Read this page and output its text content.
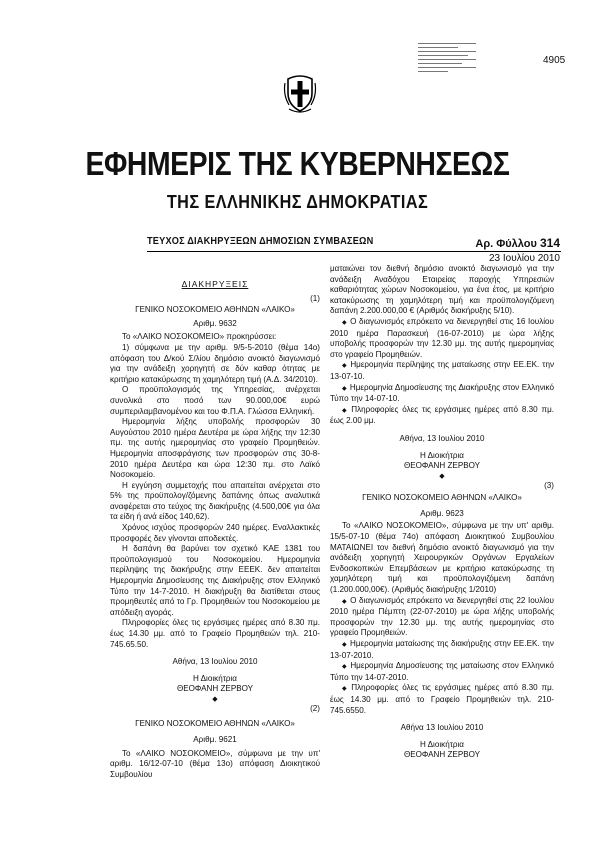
4905
ΕΦΗΜΕΡΙΣ ΤΗΣ ΚΥΒΕΡΝΗΣΕΩΣ
ΤΗΣ ΕΛΛΗΝΙΚΗΣ ΔΗΜΟΚΡΑΤΙΑΣ
ΤΕΥΧΟΣ ΔΙΑΚΗΡΥΞΕΩΝ ΔΗΜΟΣΙΩΝ ΣΥΜΒΑΣΕΩΝ	Αρ. Φύλλου 314
23 Ιουλίου 2010
ΔΙΑΚΗΡΥΞΕΙΣ
(1)
ΓΕΝΙΚΟ ΝΟΣΟΚΟΜΕΙΟ ΑΘΗΝΩΝ «ΛΑΙΚΟ»
Αριθμ. 9632

Το «ΛΑΙΚΟ ΝΟΣΟΚΟΜΕΙΟ» προκηρύσσει:

1) σύμφωνα με την αριθμ. 9/5-5-2010 (θέμα 14ο) απόφαση του Δ/κού Σ/λίου δημόσιο ανοικτό διαγωνισμό για την ανάδειξη χορηγητή σε δύν καθαρ ότητας με κριτήριο κατακύρωσης τη χαμηλότερη τιμή (Α.Δ. 34/2010).

Ο προϋπολογισμός της Υπηρεσίας, ανέρχεται συνολικά στο ποσό των 90.000,00€ ευρώ συμπεριλαμβανομένου και του Φ.Π.Α. Γλώσσα Ελληνική.

Ημερομηνία λήξης υποβολής προσφορών 30 Αυγούστου 2010 ημέρα Δευτέρα με ώρα λήξης την 12:30 πμ. της αυτής ημερομηνίας στο γραφείο Προμηθειών. Ημερομηνία αποσφράγισης των προσφορών στις 30-8-2010 ημέρα Δευτέρα και ώρα 12:30 πμ. στο Λαϊκό Νοσοκομείο.

Η εγγύηση συμμετοχής που απαιτείται ανέρχεται στο 5% της προϋπολογ/ζόμενης δαπάνης όπως αναλυτικά αναφέρεται στο τεύχος της διακήρυξης (4.500,00€ για όλα τα είδη ή ανά είδος 140,62).

Χρόνος ισχύος προσφορών 240 ημέρες. Εναλλακτικές προσφορές δεν γίνονται αποδεκτές.

Η δαπάνη θα βαρύνει τον σχετικό ΚΑΕ 1381 του προϋπολογισμού του Νοσοκομείου. Ημερομηνία περίληψης της διακήρυξης στην ΕΕΕΚ. δεν απαιτείται Ημερομηνία Δημοσίευσης της Διακήρυξης στον Ελληνικό Τύπο την 14-7-2010. Η διακήρυξη θα διατίθεται στους προμηθευτές από το Γρ. Προμηθειών του Νοσοκομείου με απόδειξη αγοράς.

Πληροφορίες όλες τις εργάσιμες ημέρες από 8.30 πμ. έως 14.30 μμ. από το Γραφείο Προμηθειών τηλ. 210-745.65.50.

Αθήνα, 13 Ιουλίου 2010
Η Διοικήτρια
ΘΕΟΦΑΝΗ ΖΕΡΒΟΥ
◆
(2)
ΓΕΝΙΚΟ ΝΟΣΟΚΟΜΕΙΟ ΑΘΗΝΩΝ «ΛΑΙΚΟ»
Αριθμ. 9621

Το «ΛΑΙΚΟ ΝΟΣΟΚΟΜΕΙΟ», σύμφωνα με την υπ' αριθμ. 16/12-07-10 (θέμα 13ο) απόφαση Διοικητικού Συμβουλίου

ματαιώνει τον διεθνή δημόσιο ανοικτό διαγωνισμό για την ανάδειξη Αναδόχου Εταιρείας παροχής Υπηρεσιών καθαριότητας χώρων Νοσοκομείου, για ένα έτος, με κριτήριο κατακύρωσης τη χαμηλότερη τιμή και προϋπολογιζόμενη δαπάνη 2.200.000,00 € (Αριθμός διακήρυξης 5/10).

◆ Ο διαγωνισμός επρόκειτο να διενεργηθεί στις 16 Ιουλίου 2010 ημέρα Παρασκευή (16-07-2010) με ώρα λήξης υποβολής προσφορών την 12.30 μμ. της αυτής ημερομηνίας στο γραφείο Προμηθειών.

◆ Ημερομηνία περίληψης της ματαίωσης στην ΕΕ.ΕΚ. την 13-07-10.

◆ Ημερομηνία Δημοσίευσης της Διακήρυξης στον Ελληνικό Τύπο την 14-07-10.

◆ Πληροφορίες όλες τις εργάσιμες ημέρες από 8.30 πμ. έως 2.00 μμ.

Αθήνα, 13 Ιουλίου 2010
Η Διοικήτρια
ΘΕΟΦΑΝΗ ΖΕΡΒΟΥ
◆
(3)
ΓΕΝΙΚΟ ΝΟΣΟΚΟΜΕΙΟ ΑΘΗΝΩΝ «ΛΑΙΚΟ»
Αριθμ. 9623

Το «ΛΑΙΚΟ ΝΟΣΟΚΟΜΕΙΟ», σύμφωνα με την υπ' αριθμ. 15/5-07-10 (θέμα 74ο) απόφαση Διοικητικού Συμβουλίου ΜΑΤΑΙΩΝΕΙ τον διεθνή δημόσιο ανοικτό διαγωνισμό για την ανάδειξη χορηγητή Χειρουργικών Οργάνων Εργαλείων Ενδοσκοπικών Επεμβάσεων με κριτήριο κατακύρωσης τη χαμηλότερη τιμή και προϋπολογιζόμενη δαπάνη (1.200.000,00€). (Αριθμός διακήρυξης 1/2010)

◆ Ο διαγωνισμός επρόκειτο να διενεργηθεί στις 22 Ιουλίου 2010 ημέρα Πέμπτη (22-07-2010) με ώρα λήξης υποβολής προσφορών την 12.30 μμ. της αυτής ημερομηνίας στο γραφείο Προμηθειών.

◆ Ημερομηνία ματαίωσης της διακήρυξης στην ΕΕ.ΕΚ. την 13-07-2010.

◆ Ημερομηνία Δημοσίευσης της ματαίωσης στον Ελληνικό Τύπο την 14-07-2010.

◆ Πληροφορίες όλες τις εργάσιμες ημέρες από 8.30 πμ. έως 14.30 μμ. από το Γραφείο Προμηθειών τηλ. 210-745.6550.

Αθήνα 13 Ιουλίου 2010
Η Διοικήτρια
ΘΕΟΦΑΝΗ ΖΕΡΒΟΥ
